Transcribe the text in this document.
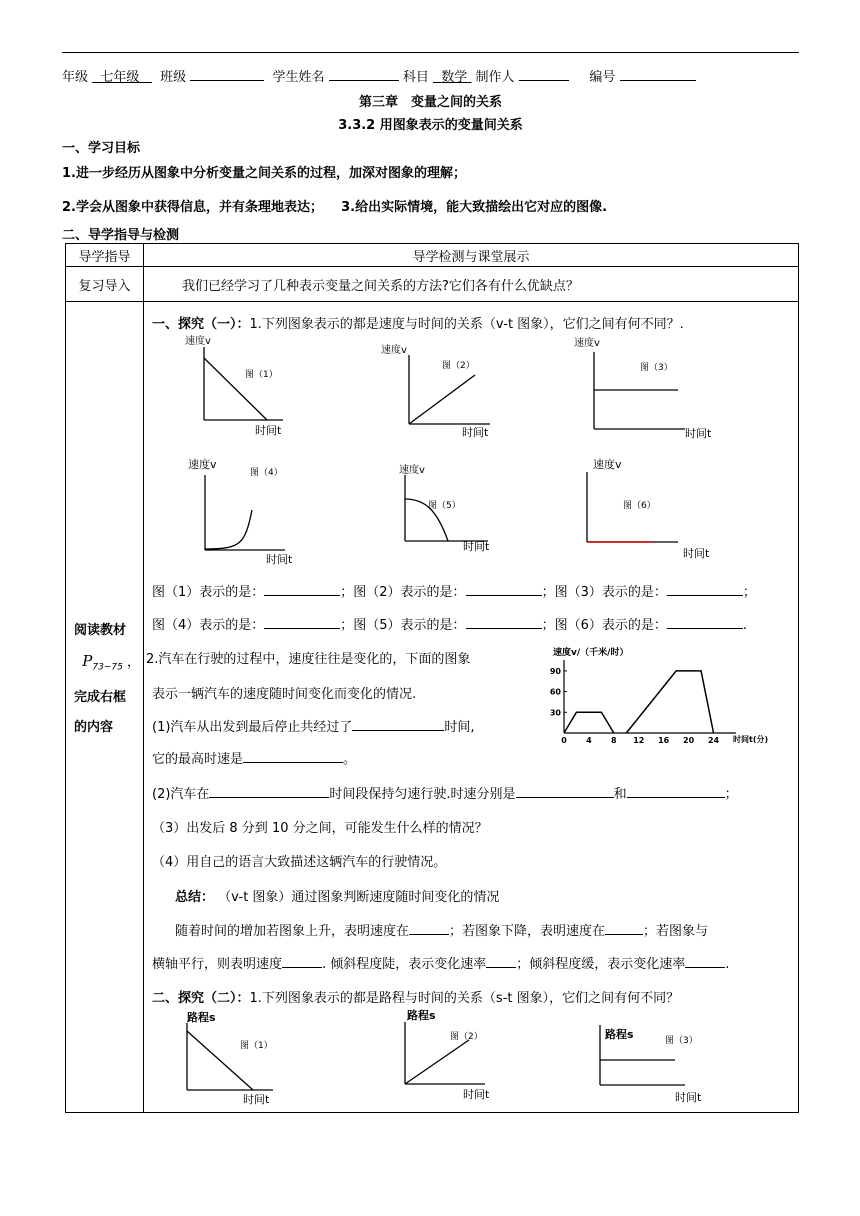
年级 七年级 班级	学生姓名	科目 数学 制作人	编号
第三章　变量之间的关系
3.3.2 用图象表示的变量间关系
一、学习目标
1.进一步经历从图象中分析变量之间关系的过程，加深对图象的理解；
2.学会从图象中获得信息，并有条理地表达； 3.给出实际情境，能大致描绘出它对应的图像.
二、导学指导与检测
导学指导	导学检测与课堂展示
复习导入	我们已经学习了几种表示变量之间关系的方法?它们各有什么优缺点？

阅读教材
$P_{73-75}$ ，
完成右框
的内容	

一、探究（一）：1.下列图象表示的都是速度与时间的关系（v-t 图象），它们之间有何不同？.
速度v
时间t
图（1）
速度v
时间t
图（2）
速度v
时间t
图（3）
速度v
时间t
图（4）	速度v
时间t
图（5）
速度v
时间t
图（6）
图（1）表示的是：	；图（2）表示的是：	；图（3）表示的是：	；
图（4）表示的是：	；图（5）表示的是：	；图（6）表示的是：	.
2.汽车在行驶的过程中，速度往往是变化的，下面的图象
表示一辆汽车的速度随时间变化而变化的情况.
(1)汽车从出发到最后停止共经过了	时间,
它的最高时速是	。
30
60
90
0 4 8 12 16 20 24
速度v/（千米/时）
时间t(分)
(2)汽车在	时间段保持匀速行驶.时速分别是	和	；
（3）出发后 8 分到 10 分之间，可能发生什么样的情况？
（4）用自己的语言大致描述这辆汽车的行驶情况。
总结： （v-t 图象）通过图象判断速度随时间变化的情况
随着时间的增加若图象上升，表明速度在	；若图象下降，表明速度在	；若图象与
横轴平行，则表明速度	. 倾斜程度陡，表示变化速率 ；倾斜程度缓，表示变化速率	.
二、探究（二）：1.下列图象表示的都是路程与时间的关系（s-t 图象），它们之间有何不同？
路程s
时间t
图（1）
路程s
时间t
图（2）	路程s
时间t
图（3）
